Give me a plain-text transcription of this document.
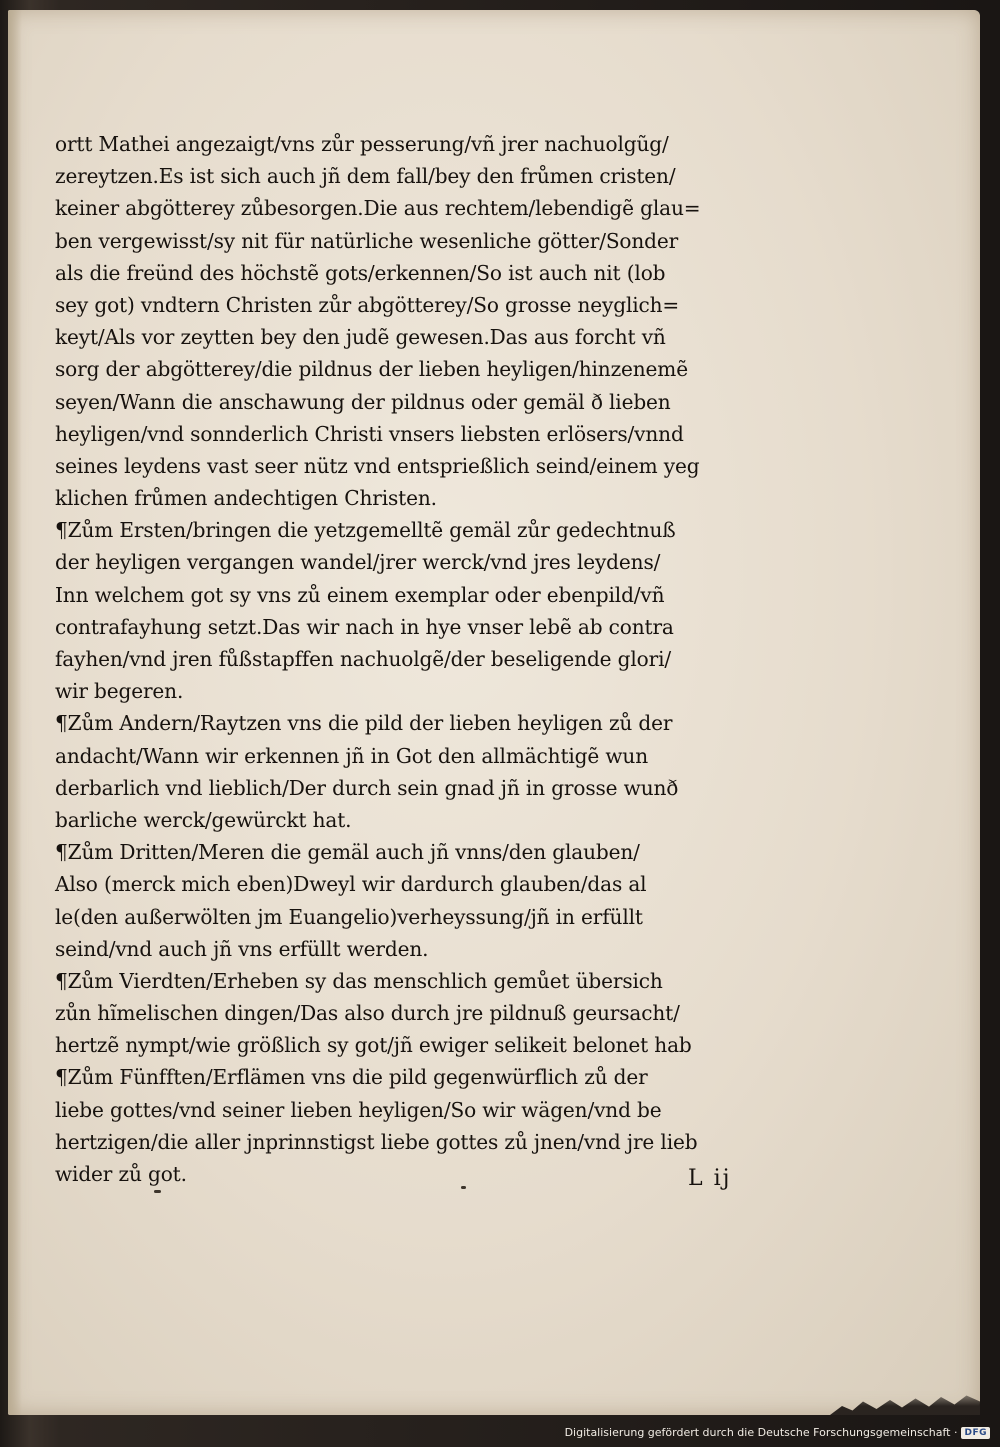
ortt Mathei angezaigt/vns zůr pesserung/vñ jrer nachuolgũg/
zereytzen.Es ist sich auch jñ dem fall/bey den frůmen cristen/
keiner abgötterey zůbesorgen.Die aus rechtem/lebendigẽ glau=
ben vergewisst/sy nit für natürliche wesenliche götter/Sonder
als die freünd des höchstẽ gots/erkennen/So ist auch nit (lob
sey got) vndtern Christen zůr abgötterey/So grosse neyglich=
keyt/Als vor zeytten bey den judẽ gewesen.Das aus forcht vñ
sorg der abgötterey/die pildnus der lieben heyligen/hinzenemẽ
seyen/Wann die anschawung der pildnus oder gemäl ð lieben
heyligen/vnd sonnderlich Christi vnsers liebsten erlösers/vnnd
seines leydens vast seer nütz vnd entsprießlich seind/einem yeg
klichen frůmen andechtigen Christen.
¶Zům Ersten/bringen die yetzgemelltẽ gemäl zůr gedechtnuß
der heyligen vergangen wandel/jrer werck/vnd jres leydens/
Inn welchem got sy vns zů einem exemplar oder ebenpild/vñ
contrafayhung setzt.Das wir nach in hye vnser lebẽ ab contra
fayhen/vnd jren fůßstapffen nachuolgẽ/der beseligende glori/
wir begeren.
¶Zům Andern/Raytzen vns die pild der lieben heyligen zů der
andacht/Wann wir erkennen jñ in Got den allmächtigẽ wun
derbarlich vnd lieblich/Der durch sein gnad jñ in grosse wunð
barliche werck/gewürckt hat.
¶Zům Dritten/Meren die gemäl auch jñ vnns/den glauben/
Also (merck mich eben)Dweyl wir dardurch glauben/das al
le(den außerwölten jm Euangelio)verheyssung/jñ in erfüllt
seind/vnd auch jñ vns erfüllt werden.
¶Zům Vierdten/Erheben sy das menschlich gemůet übersich
zůn hĩmelischen dingen/Das also durch jre pildnuß geursacht/
hertzẽ nympt/wie größlich sy got/jñ ewiger selikeit belonet hab
¶Zům Fünfften/Erflämen vns die pild gegenwürflich zů der
liebe gottes/vnd seiner lieben heyligen/So wir wägen/vnd be
hertzigen/die aller jnprinnstigst liebe gottes zů jnen/vnd jre lieb
wider zů got.	L ij
Digitalisierung gefördert durch die Deutsche Forschungsgemeinschaft · DFG
